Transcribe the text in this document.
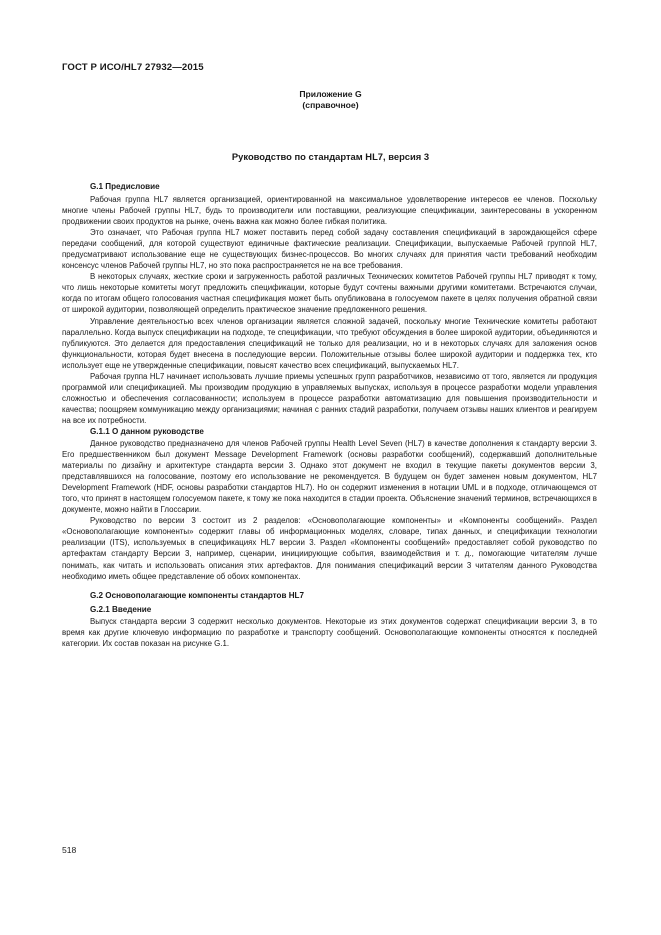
ГОСТ Р ИСО/HL7 27932—2015
Приложение G
(справочное)
Руководство по стандартам HL7, версия 3
G.1 Предисловие

Рабочая группа HL7 является организацией, ориентированной на максимальное удовлетворение интересов ее членов. Поскольку многие члены Рабочей группы HL7, будь то производители или поставщики, реализующие спецификации, заинтересованы в ускоренном продвижении своих продуктов на рынке, очень важна как можно более гибкая политика.

Это означает, что Рабочая группа HL7 может поставить перед собой задачу составления спецификаций в зарождающейся сфере передачи сообщений, для которой существуют единичные фактические реализации. Спецификации, выпускаемые Рабочей группой HL7, предусматривают использование еще не существующих бизнес-процессов. Во многих случаях для принятия части требований необходим консенсус членов Рабочей группы HL7, но это пока распространяется не на все требования.

В некоторых случаях, жесткие сроки и загруженность работой различных Технических комитетов Рабочей группы HL7 приводят к тому, что лишь некоторые комитеты могут предложить спецификации, которые будут сочтены важными другими комитетами. Встречаются случаи, когда по итогам общего голосования частная спецификация может быть опубликована в голосуемом пакете в целях получения обратной связи от широкой аудитории, позволяющей определить практическое значение предложенного решения.

Управление деятельностью всех членов организации является сложной задачей, поскольку многие Технические комитеты работают параллельно. Когда выпуск спецификации на подходе, те спецификации, что требуют обсуждения в более широкой аудитории, объединяются и публикуются. Это делается для предоставления спецификаций не только для реализации, но и в некоторых случаях для заложения основ функциональности, которая будет внесена в последующие версии. Положительные отзывы более широкой аудитории и поддержка тех, кто использует еще не утвержденные спецификации, повысят качество всех спецификаций, выпускаемых HL7.

Рабочая группа HL7 начинает использовать лучшие приемы успешных групп разработчиков, независимо от того, является ли продукция программой или спецификацией. Мы производим продукцию в управляемых выпусках, используя в процессе разработки модели управления сложностью и обеспечения согласованности; используем в процессе разработки автоматизацию для повышения производительности и качества; поощряем коммуникацию между организациями; начиная с ранних стадий разработки, получаем отзывы наших клиентов и реагируем на все их потребности.

G.1.1 О данном руководстве

Данное руководство предназначено для членов Рабочей группы Health Level Seven (HL7) в качестве дополнения к стандарту версии 3. Его предшественником был документ Message Development Framework (основы разработки сообщений), содержавший дополнительные материалы по дизайну и архитектуре стандарта версии 3. Однако этот документ не входил в текущие пакеты документов версии 3, представлявшихся на голосование, поэтому его использование не рекомендуется. В будущем он будет заменен новым документом, HL7 Development Framework (HDF, основы разработки стандартов HL7). Но он содержит изменения в нотации UML и в подходе, отличающемся от того, что принят в настоящем голосуемом пакете, к тому же пока находится в стадии проекта. Объяснение значений терминов, встречающихся в документе, можно найти в Глоссарии.

Руководство по версии 3 состоит из 2 разделов: «Основополагающие компоненты» и «Компоненты сообщений». Раздел «Основополагающие компоненты» содержит главы об информационных моделях, словаре, типах данных, и спецификации технологии реализации (ITS), используемых в спецификациях HL7 версии 3. Раздел «Компоненты сообщений» предоставляет собой руководство по артефактам стандарту Версии 3, например, сценарии, инициирующие события, взаимодействия и т. д., помогающие читателям лучше понимать, как читать и использовать описания этих артефактов. Для понимания спецификаций версии 3 читателям данного Руководства необходимо иметь общее представление об обоих компонентах.

G.2 Основополагающие компоненты стандартов HL7
G.2.1 Введение

Выпуск стандарта версии 3 содержит несколько документов. Некоторые из этих документов содержат спецификации версии 3, в то время как другие ключевую информацию по разработке и транспорту сообщений. Основополагающие компоненты относятся к последней категории. Их состав показан на рисунке G.1.

518
